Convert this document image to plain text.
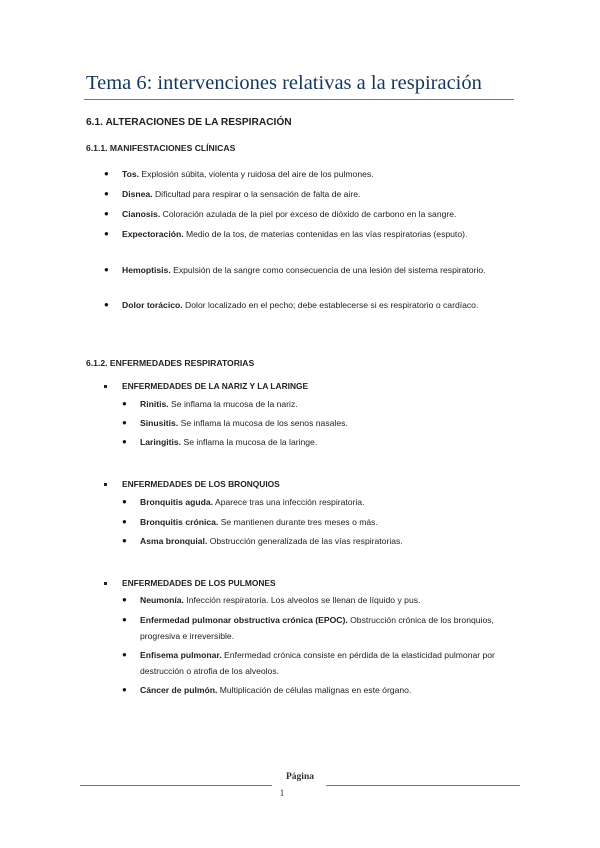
Tema 6: intervenciones relativas a la respiración
6.1. ALTERACIONES DE LA RESPIRACIÓN
6.1.1. MANIFESTACIONES CLÍNICAS
● Tos. Explosión súbita, violenta y ruidosa del aire de los pulmones.
● Disnea. Dificultad para respirar o la sensación de falta de aire.
● Cianosis. Coloración azulada de la piel por exceso de dióxido de carbono en la sangre.
● Expectoración. Medio de la tos, de materias contenidas en las vías respiratorias (esputo).
● Hemoptisis. Expulsión de la sangre como consecuencia de una lesión del sistema respiratorio.
● Dolor torácico. Dolor localizado en el pecho; debe establecerse si es respiratorio o cardíaco.
6.1.2. ENFERMEDADES RESPIRATORIAS
ENFERMEDADES DE LA NARIZ Y LA LARINGE
● Rinitis. Se inflama la mucosa de la nariz.
● Sinusitis. Se inflama la mucosa de los senos nasales.
● Laringitis. Se inflama la mucosa de la laringe.
ENFERMEDADES DE LOS BRONQUIOS
● Bronquitis aguda. Aparece tras una infección respiratoria.
● Bronquitis crónica. Se mantienen durante tres meses o más.
● Asma bronquial. Obstrucción generalizada de las vías respiratorias.
ENFERMEDADES DE LOS PULMONES
● Neumonía. Infección respiratoria. Los alveolos se llenan de líquido y pus.
● Enfermedad pulmonar obstructiva crónica (EPOC). Obstrucción crónica de los bronquios, progresiva e irreversible.
● Enfisema pulmonar. Enfermedad crónica consiste en pérdida de la elasticidad pulmonar por destrucción o atrofia de los alveolos.
● Cáncer de pulmón. Multiplicación de células malignas en este órgano.
Página
1
